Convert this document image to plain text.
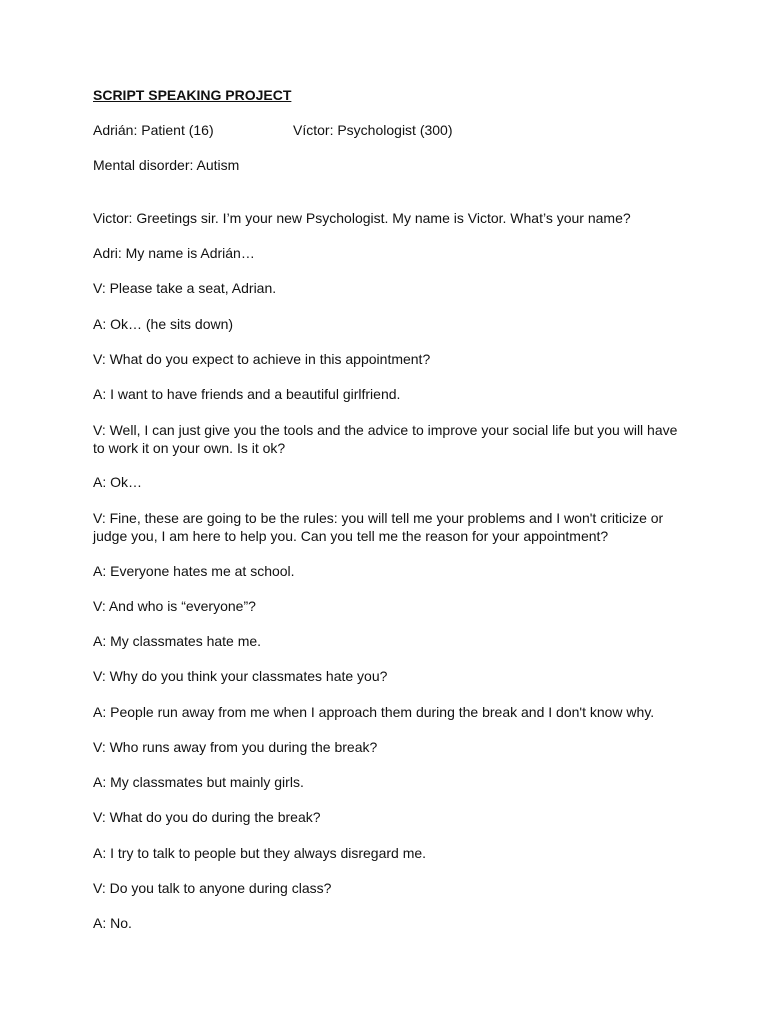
SCRIPT SPEAKING PROJECT
Adrián: Patient (16)	Víctor: Psychologist (300)
Mental disorder: Autism
Victor: Greetings sir. I’m your new Psychologist. My name is Victor. What’s your name?
Adri: My name is Adrián…
V: Please take a seat, Adrian.
A: Ok… (he sits down)
V: What do you expect to achieve in this appointment?
A: I want to have friends and a beautiful girlfriend.
V: Well, I can just give you the tools and the advice to improve your social life but you will have to work it on your own. Is it ok?
A: Ok…
V: Fine, these are going to be the rules: you will tell me your problems and I won't criticize or judge you, I am here to help you. Can you tell me the reason for your appointment?
A: Everyone hates me at school.
V: And who is “everyone”?
A: My classmates hate me.
V: Why do you think your classmates hate you?
A: People run away from me when I approach them during the break and I don't know why.
V: Who runs away from you during the break?
A: My classmates but mainly girls.
V: What do you do during the break?
A: I try to talk to people but they always disregard me.
V: Do you talk to anyone during class?
A: No.
